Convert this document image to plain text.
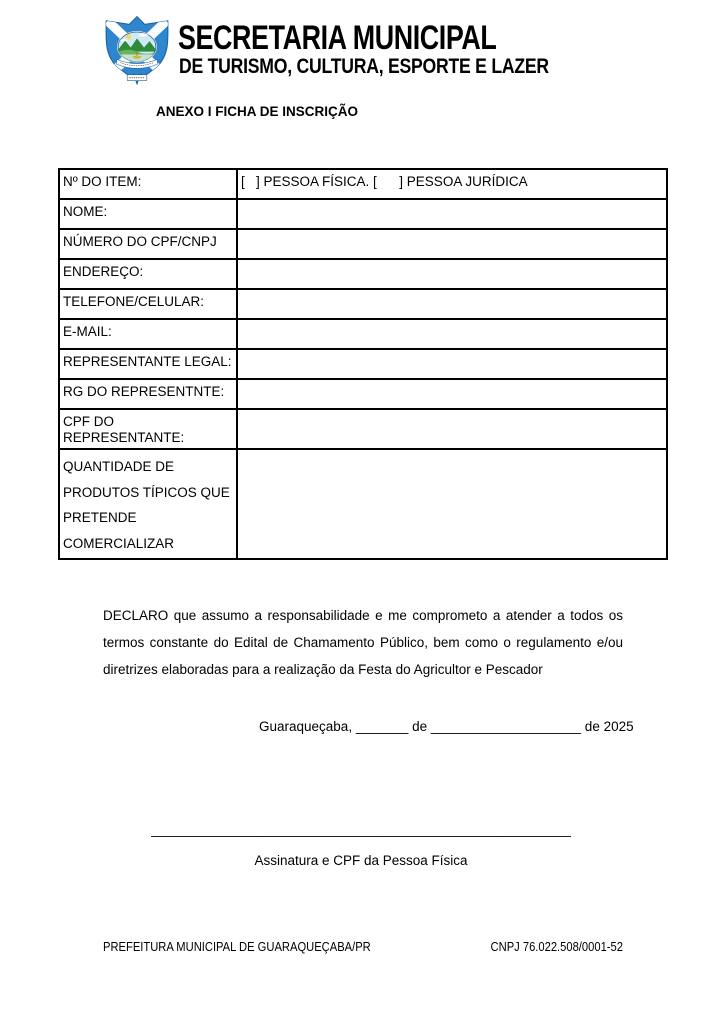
SECRETARIA MUNICIPAL
DE TURISMO, CULTURA, ESPORTE E LAZER
ANEXO I FICHA DE INSCRIÇÃO
Nº DO ITEM:	[   ] PESSOA FÍSICA. [      ] PESSOA JURÍDICA
NOME:	
NÚMERO DO CPF/CNPJ	
ENDEREÇO:	
TELEFONE/CELULAR:	
E-MAIL:	
REPRESENTANTE LEGAL:	
RG DO REPRESENTNTE:	
CPF DO REPRESENTANTE:	
QUANTIDADE DE PRODUTOS TÍPICOS QUE PRETENDE COMERCIALIZAR	
DECLARO que assumo a responsabilidade e me comprometo a atender a todos os
termos constante do Edital de Chamamento Público, bem como o regulamento e/ou
diretrizes elaboradas para a realização da Festa do Agricultor e Pescador
Guaraqueçaba, _______ de ____________________ de 2025
________________________________________________________
Assinatura e CPF da Pessoa Física
PREFEITURA MUNICIPAL DE GUARAQUEÇABA/PR	CNPJ 76.022.508/0001-52
